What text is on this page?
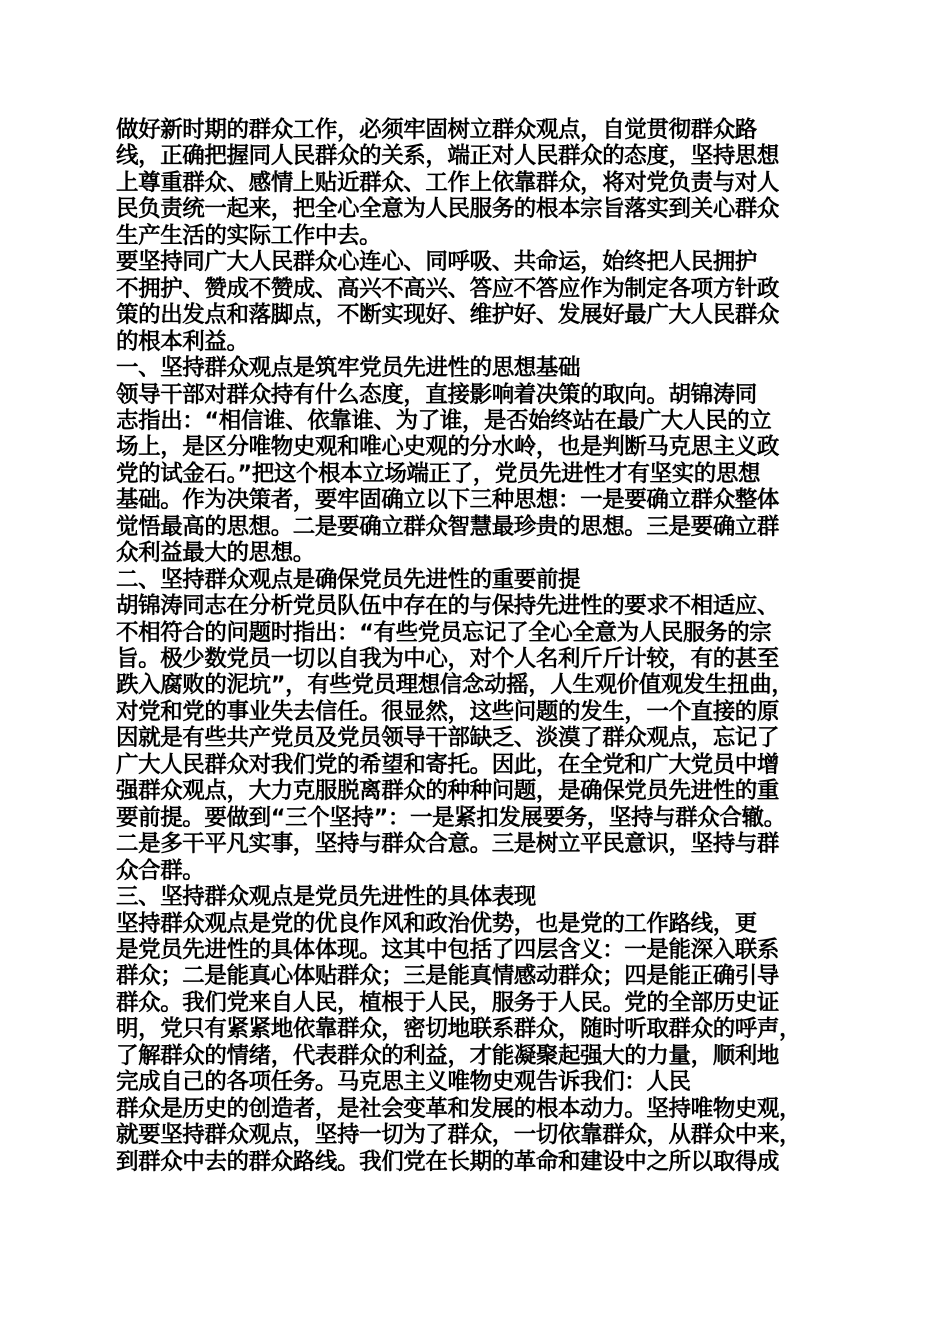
做好新时期的群众工作，必须牢固树立群众观点，自觉贯彻群众路
线，正确把握同人民群众的关系，端正对人民群众的态度，坚持思想
上尊重群众、感情上贴近群众、工作上依靠群众，将对党负责与对人
民负责统一起来，把全心全意为人民服务的根本宗旨落实到关心群众
生产生活的实际工作中去。
要坚持同广大人民群众心连心、同呼吸、共命运，始终把人民拥护
不拥护、赞成不赞成、高兴不高兴、答应不答应作为制定各项方针政
策的出发点和落脚点，不断实现好、维护好、发展好最广大人民群众
的根本利益。
一、坚持群众观点是筑牢党员先进性的思想基础
领导干部对群众持有什么态度，直接影响着决策的取向。胡锦涛同
志指出：“相信谁、依靠谁、为了谁，是否始终站在最广大人民的立
场上，是区分唯物史观和唯心史观的分水岭，也是判断马克思主义政
党的试金石。”把这个根本立场端正了，党员先进性才有坚实的思想
基础。作为决策者，要牢固确立以下三种思想：一是要确立群众整体
觉悟最高的思想。二是要确立群众智慧最珍贵的思想。三是要确立群
众利益最大的思想。
二、坚持群众观点是确保党员先进性的重要前提
胡锦涛同志在分析党员队伍中存在的与保持先进性的要求不相适应、
不相符合的问题时指出：“有些党员忘记了全心全意为人民服务的宗
旨。极少数党员一切以自我为中心，对个人名利斤斤计较，有的甚至
跌入腐败的泥坑”，有些党员理想信念动摇，人生观价值观发生扭曲，
对党和党的事业失去信任。很显然，这些问题的发生，一个直接的原
因就是有些共产党员及党员领导干部缺乏、淡漠了群众观点，忘记了
广大人民群众对我们党的希望和寄托。因此，在全党和广大党员中增
强群众观点，大力克服脱离群众的种种问题，是确保党员先进性的重
要前提。要做到“三个坚持”：一是紧扣发展要务，坚持与群众合辙。
二是多干平凡实事，坚持与群众合意。三是树立平民意识，坚持与群
众合群。
三、坚持群众观点是党员先进性的具体表现
坚持群众观点是党的优良作风和政治优势，也是党的工作路线，更
是党员先进性的具体体现。这其中包括了四层含义：一是能深入联系
群众；二是能真心体贴群众；三是能真情感动群众；四是能正确引导
群众。我们党来自人民，植根于人民，服务于人民。党的全部历史证
明，党只有紧紧地依靠群众，密切地联系群众，随时听取群众的呼声，
了解群众的情绪，代表群众的利益，才能凝聚起强大的力量，顺利地
完成自己的各项任务。马克思主义唯物史观告诉我们：人民
群众是历史的创造者，是社会变革和发展的根本动力。坚持唯物史观，
就要坚持群众观点，坚持一切为了群众，一切依靠群众，从群众中来，
到群众中去的群众路线。我们党在长期的革命和建设中之所以取得成
